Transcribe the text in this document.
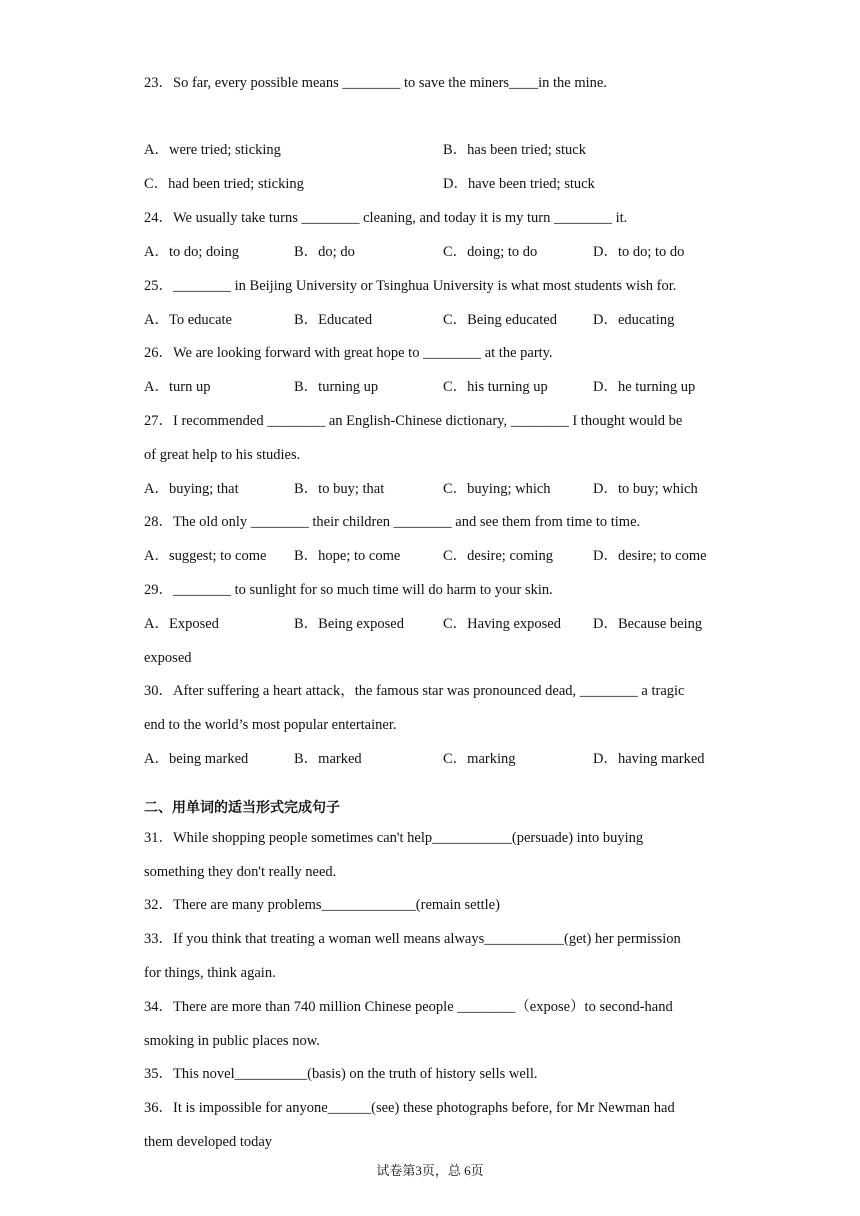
23．So far, every possible means ________ to save the miners____in the mine.
A．were tried; sticking	B．has been tried; stuck
C．had been tried; sticking	D．have been tried; stuck
24．We usually take turns ________ cleaning, and today it is my turn ________ it.
A．to do; doing	B．do; do	C．doing; to do	D．to do; to do
25．________ in Beijing University or Tsinghua University is what most students wish for.
A．To educate	B．Educated	C．Being educated D．educating
26．We are looking forward with great hope to ________ at the party.
A．turn up	B．turning up	C．his turning up	D．he turning up
27．I recommended ________ an English-Chinese dictionary, ________ I thought would be
of great help to his studies.
A．buying; that	B．to buy; that	C．buying; which	D．to buy; which
28．The old only ________ their children ________ and see them from time to time.
A．suggest; to come B．hope; to come	C．desire; coming	D．desire; to come
29．________ to sunlight for so much time will do harm to your skin.
A．Exposed	B．Being exposed	C．Having exposed D．Because being
exposed
30．After suffering a heart attack，the famous star was pronounced dead, ________ a tragic
end to the world’s most popular entertainer.
A．being marked	B．marked	C．marking	D．having marked
二、用单词的适当形式完成句子
31．While shopping people sometimes can't help___________(persuade) into buying
something they don't really need.
32．There are many problems_____________(remain settle)
33．If you think that treating a woman well means always___________(get) her permission
for things, think again.
34．There are more than 740 million Chinese people ________（expose）to second-hand
smoking in public places now.
35．This novel__________(basis) on the truth of history sells well.
36．It is impossible for anyone______(see) these photographs before, for Mr Newman had
them developed today
试卷第3页，总 6页
